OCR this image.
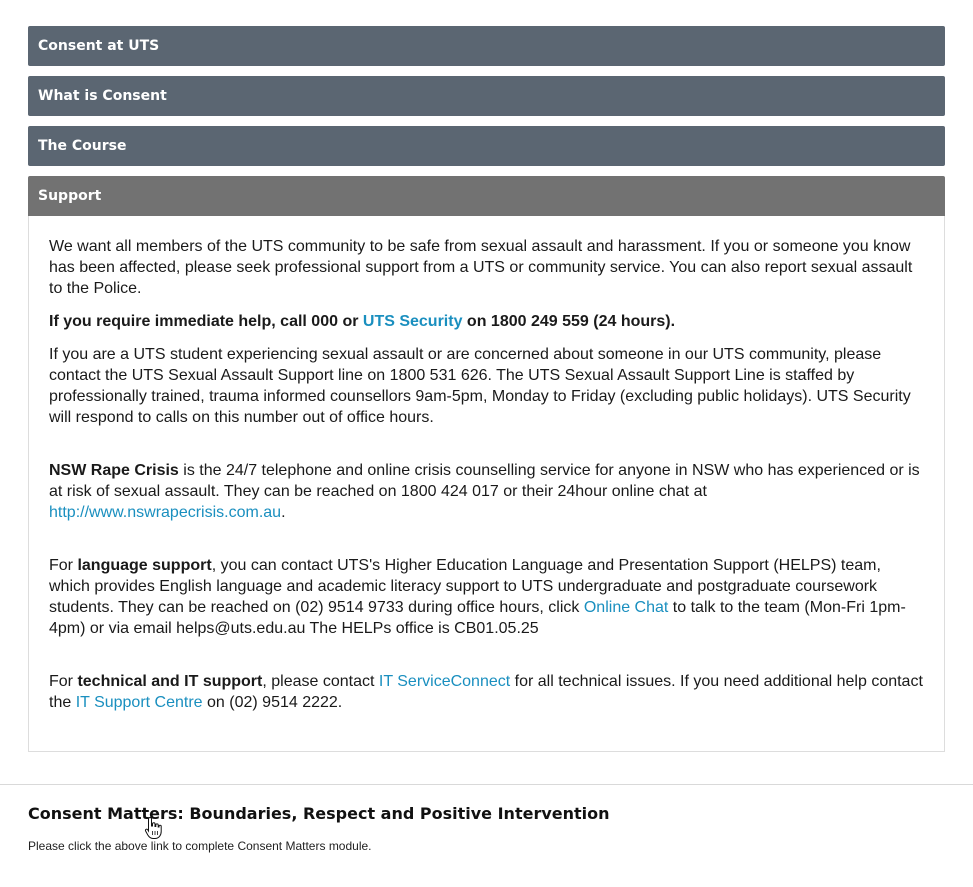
Consent at UTS
What is Consent
The Course
Support

We want all members of the UTS community to be safe from sexual assault and harassment. If you or someone you know has been affected, please seek professional support from a UTS or community service. You can also report sexual assault to the Police.

If you require immediate help, call 000 or UTS Security on 1800 249 559 (24 hours).

If you are a UTS student experiencing sexual assault or are concerned about someone in our UTS community, please contact the UTS Sexual Assault Support line on 1800 531 626. The UTS Sexual Assault Support Line is staffed by professionally trained, trauma informed counsellors 9am-5pm, Monday to Friday (excluding public holidays). UTS Security will respond to calls on this number out of office hours.

NSW Rape Crisis is the 24/7 telephone and online crisis counselling service for anyone in NSW who has experienced or is at risk of sexual assault. They can be reached on 1800 424 017 or their 24hour online chat at http://www.nswrapecrisis.com.au.

For language support, you can contact UTS's Higher Education Language and Presentation Support (HELPS) team, which provides English language and academic literacy support to UTS undergraduate and postgraduate coursework students. They can be reached on (02) 9514 9733 during office hours, click Online Chat to talk to the team (Mon-Fri 1pm-4pm) or via email helps@uts.edu.au The HELPs office is CB01.05.25

For technical and IT support, please contact IT ServiceConnect for all technical issues. If you need additional help contact the IT Support Centre on (02) 9514 2222.

Consent Matters: Boundaries, Respect and Positive Intervention
Please click the above link to complete Consent Matters module.
